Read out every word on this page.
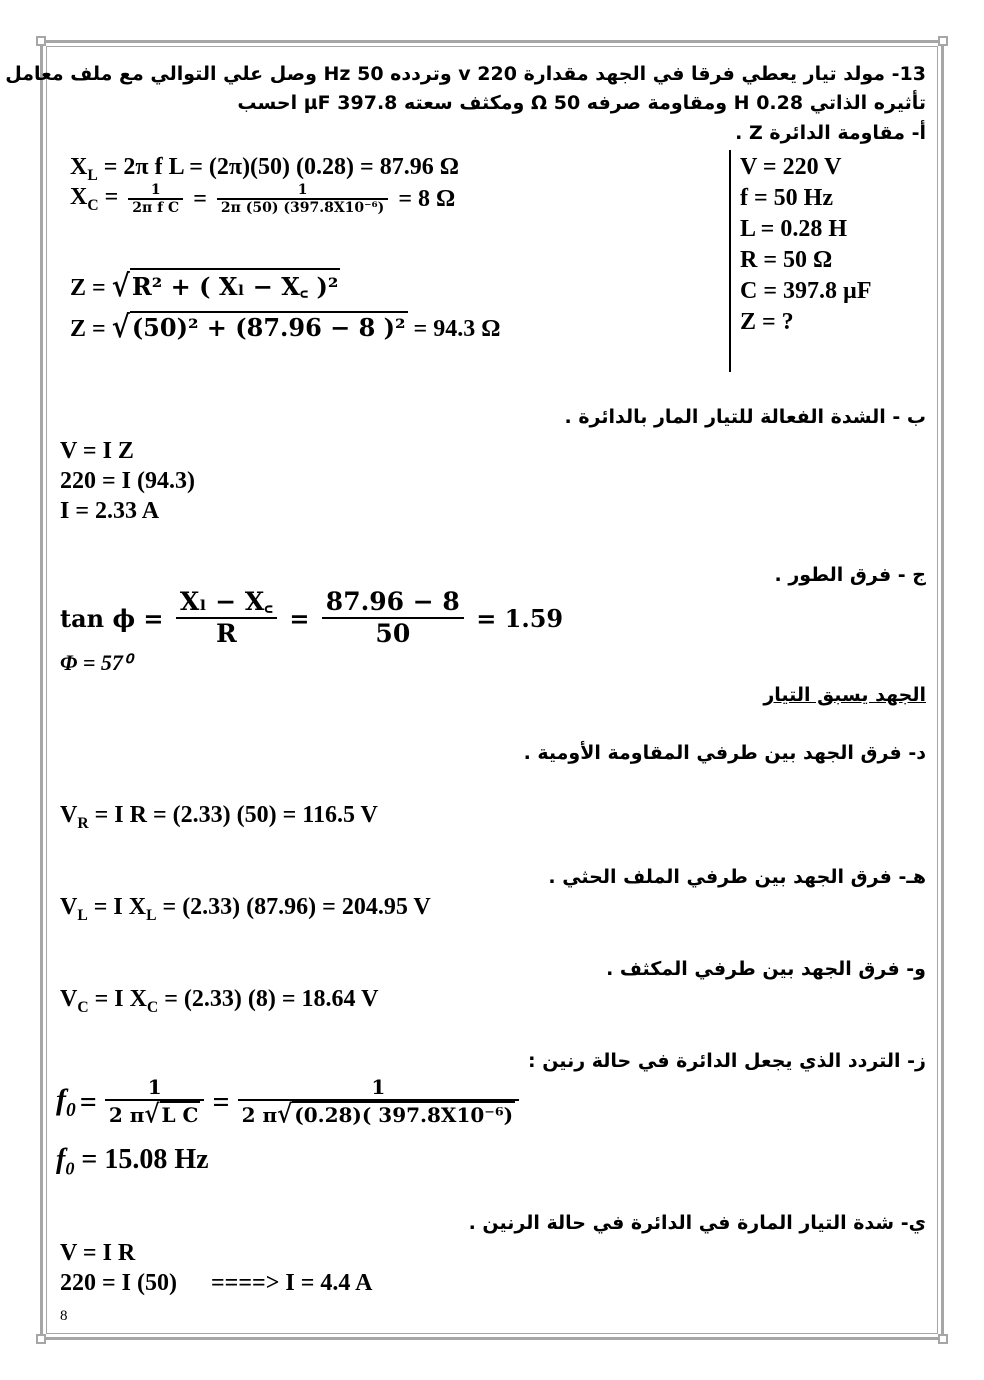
13- مولد تيار يعطي فرقا في الجهد مقدارة 220 v وتردده 50 Hz وصل علي التوالي مع ملف معامل
تأثيره الذاتي 0.28 H ومقاومة صرفه 50 Ω ومكثف سعته 397.8 µF احسب
أ- مقاومة الدائرة Z .
$X_L = 2\pi$ f L = (2π)(50) (0.28) = 87.96 Ω
$X_C = \frac{1}{\text{2π f C}} = \frac{1}{\text{2π (50) (397.8X10⁻⁶)}} = 8$ Ω
Z = √R² + ( Xₗ − X꜀ )²
Z = √(50)² + (87.96 − 8 )² = 94.3 Ω
V = 220 V
f = 50 Hz
L = 0.28 H
R = 50 Ω
C = 397.8 µF
Z = ?
ب - الشدة الفعالة للتيار المار بالدائرة .
V = I Z
220 = I (94.3)
I = 2.33 A
ج - فرق الطور .
$\tan \phi = \frac{\text{Xₗ − X꜀}}{R} = \frac{87.96 - 8}{50} = 1.59$
Φ = 57⁰
الجهد يسبق التيار
د- فرق الجهد بين طرفي المقاومة الأومية .
$V_R = I$ R = (2.33) (50) = 116.5 V
هـ- فرق الجهد بين طرفي الملف الحثي .
$V_L = I$ $X_L = (2.33) (87.96) = 204.95$ V
و- فرق الجهد بين طرفي المكثف .
$V_C = I$ $X_C = (2.33) (8) = 18.64$ V
ز- التردد الذي يجعل الدائرة في حالة رنين :
$f_0 = \frac{1}{\text{2 π√ L C}} = \frac{1}{\text{2 π√ (0.28)( 397.8X10⁻⁶)}}$
$f_0 = 15.08$ Hz
ي- شدة التيار المارة في الدائرة في حالة الرنين .
V = I R
220 = I (50) ====> I = 4.4 A
8
